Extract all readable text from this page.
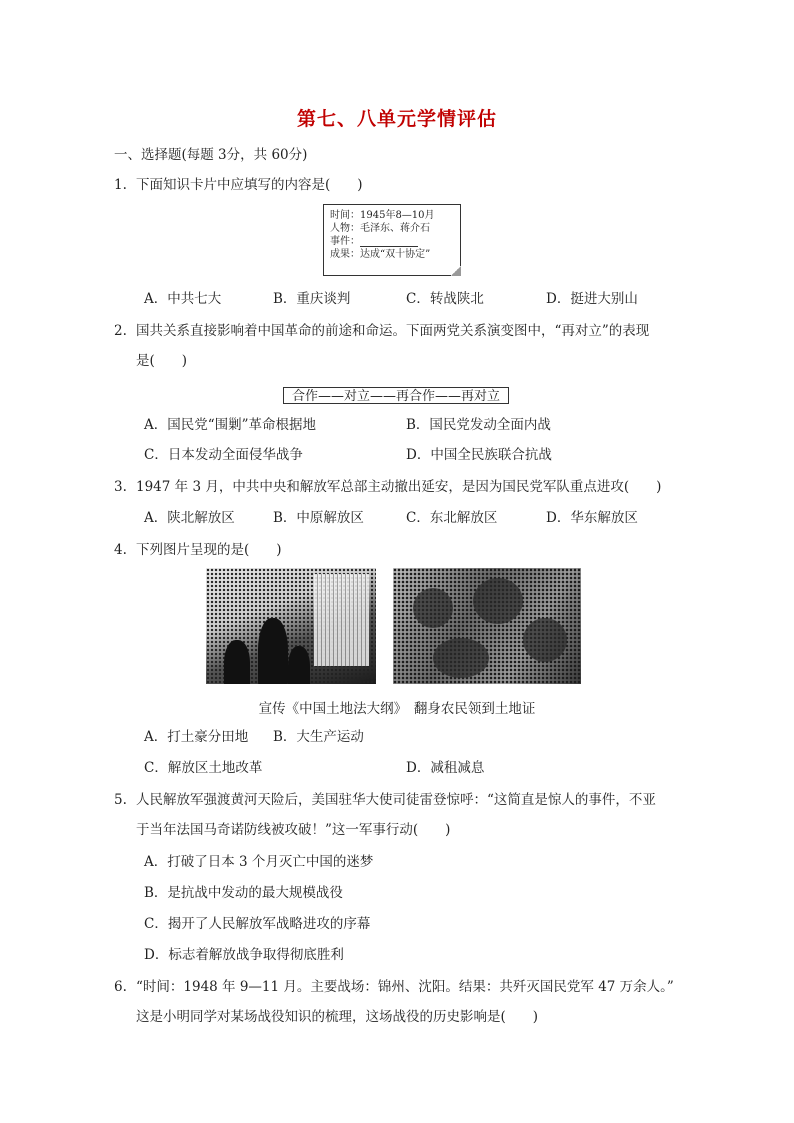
第七、八单元学情评估
一、选择题(每题 3分，共 60分)
1. 下面知识卡片中应填写的内容是(　　)
时间：1945年8—10月
人物：毛泽东、蒋介石
事件：
成果：达成“双十协定”
A．中共七大	B．重庆谈判	C．转战陕北	D．挺进大别山
2. 国共关系直接影响着中国革命的前途和命运。下面两党关系演变图中，“再对立”的表现
是(　　)
合作——对立——再合作——再对立
A．国民党“围剿”革命根据地	B．国民党发动全面内战
C．日本发动全面侵华战争	D．中国全民族联合抗战
3. 1947 年 3 月，中共中央和解放军总部主动撤出延安，是因为国民党军队重点进攻(　　)
A．陕北解放区	B．中原解放区	C．东北解放区	D．华东解放区
4. 下列图片呈现的是(　　)
宣传《中国土地法大纲》　翻身农民领到土地证
A．打土豪分田地 B．大生产运动
C．解放区土地改革	D．减租减息
5. 人民解放军强渡黄河天险后，美国驻华大使司徒雷登惊呼：“这简直是惊人的事件，不亚
于当年法国马奇诺防线被攻破！”这一军事行动(　　)
A．打破了日本 3 个月灭亡中国的迷梦
B．是抗战中发动的最大规模战役
C．揭开了人民解放军战略进攻的序幕
D．标志着解放战争取得彻底胜利
6. “时间：1948 年 9—11 月。主要战场：锦州、沈阳。结果：共歼灭国民党军 47 万余人。”
这是小明同学对某场战役知识的梳理，这场战役的历史影响是(　　)
